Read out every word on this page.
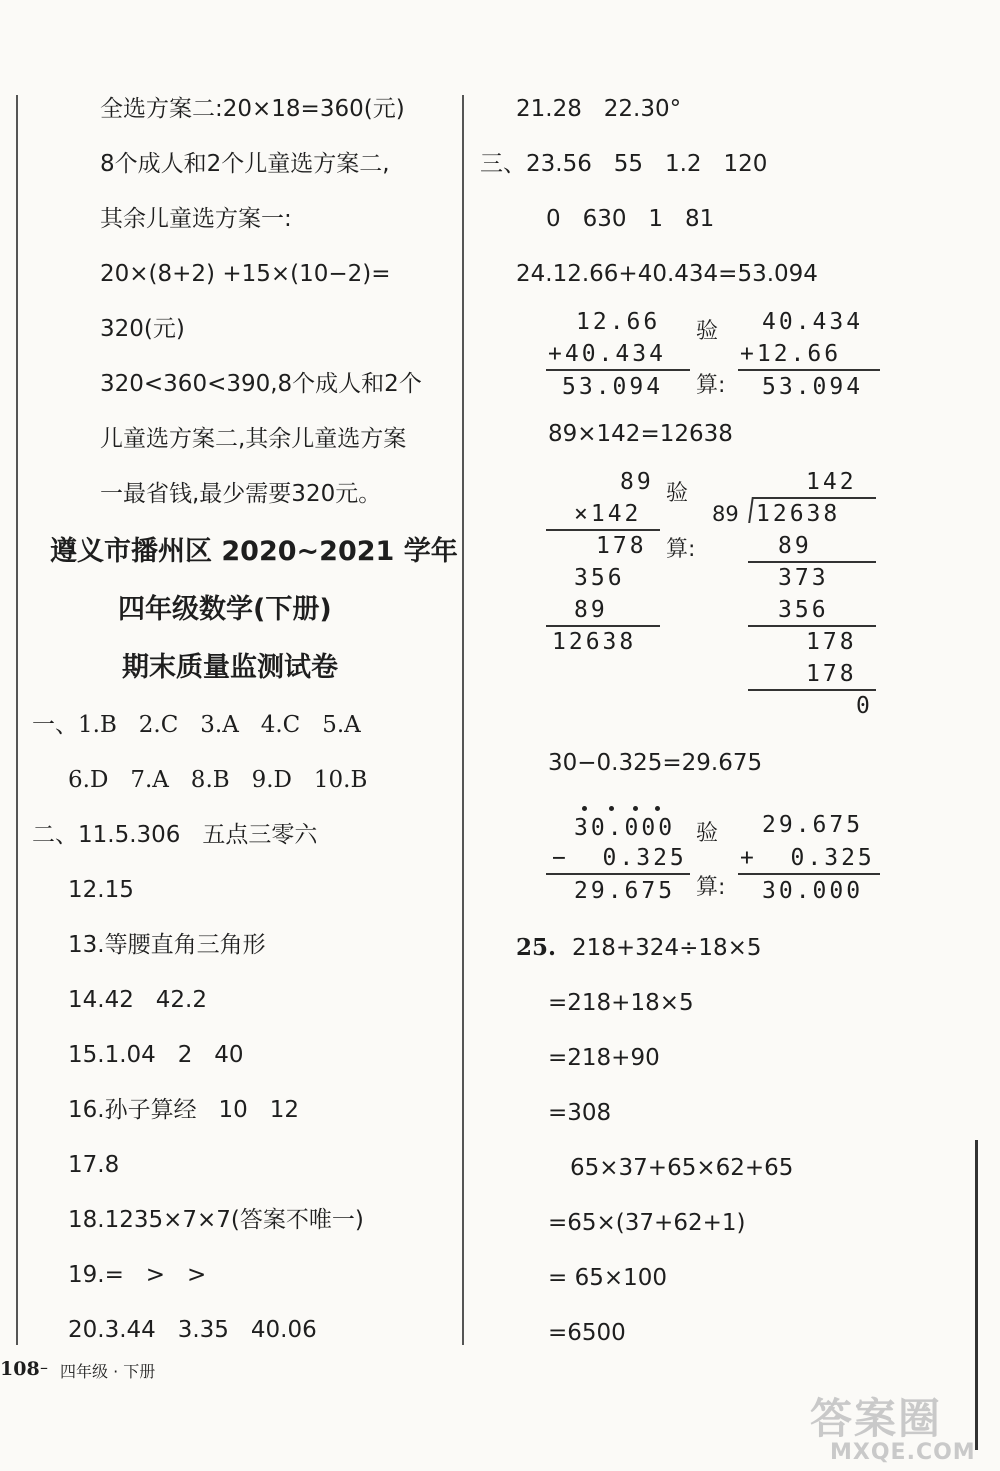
全选方案二:20×18=360(元)
8个成人和2个儿童选方案二,
其余儿童选方案一:
20×(8+2) +15×(10−2)=
320(元)
320<360<390,8个成人和2个
儿童选方案二,其余儿童选方案
一最省钱,最少需要320元。
遵义市播州区 2020~2021 学年
四年级数学(下册)
期末质量监测试卷
一、1.B   2.C   3.A   4.C   5.A
6.D   7.A   8.B   9.D   10.B
二、11.5.306   五点三零六
12.15
13.等腰直角三角形
14.42   42.2
15.1.04   2   40
16.孙子算经   10   12
17.8
18.1235×7×7(答案不唯一)
19.=   >   >
20.3.44   3.35   40.06
21.28   22.30°
三、23.56   55   1.2   120
0   630   1   81
24.12.66+40.434=53.094
12.66
+40.434
53.094
验
算:
40.434
+12.66
53.094
89×142=12638
89
×142
178
356
89
12638
验
算:
142
89 12638
89
373
356
178
178
0
30−0.325=29.675
30.000
−  0.325
29.675
验
算:
29.675
+  0.325
30.000
25. 218+324÷18×5
=218+18×5
=218+90
=308
65×37+65×62+65
=65×(37+62+1)
= 65×100
=6500
108 – 四年级 · 下册
答案圈
MXQE.COM
